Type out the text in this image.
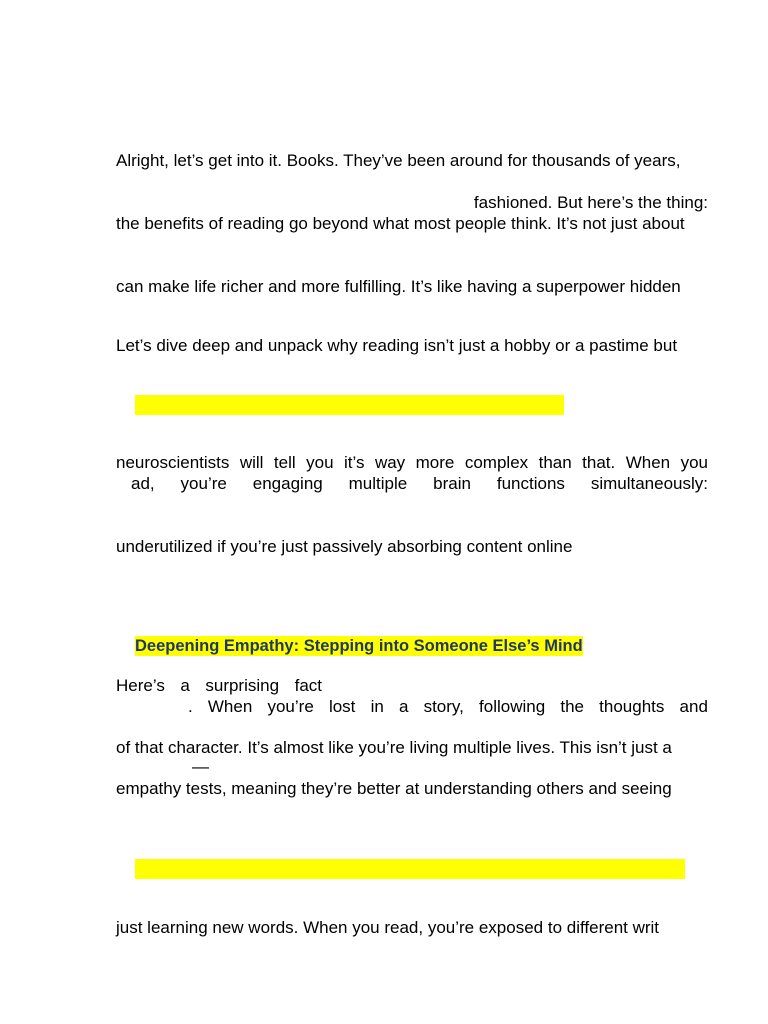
Alright, let’s get into it. Books. They’ve been around for thousands of years,
fashioned. But here’s the thing:
the benefits of reading go beyond what most people think. It’s not just about
can make life richer and more fulfilling. It’s like having a superpower hidden
Let’s dive deep and unpack why reading isn’t just a hobby or a pastime but
neuroscientists will tell you it’s way more complex than that. When you
ad, you’re engaging multiple brain functions simultaneously:
underutilized if you’re just passively absorbing content online
Deepening Empathy: Stepping into Someone Else’s Mind
Here’s a surprising fact
. When you’re lost in a story, following the thoughts and
of that character. It’s almost like you’re living multiple lives. This isn’t just a
—
empathy tests, meaning they’re better at understanding others and seeing
just learning new words. When you read, you’re exposed to different writ
